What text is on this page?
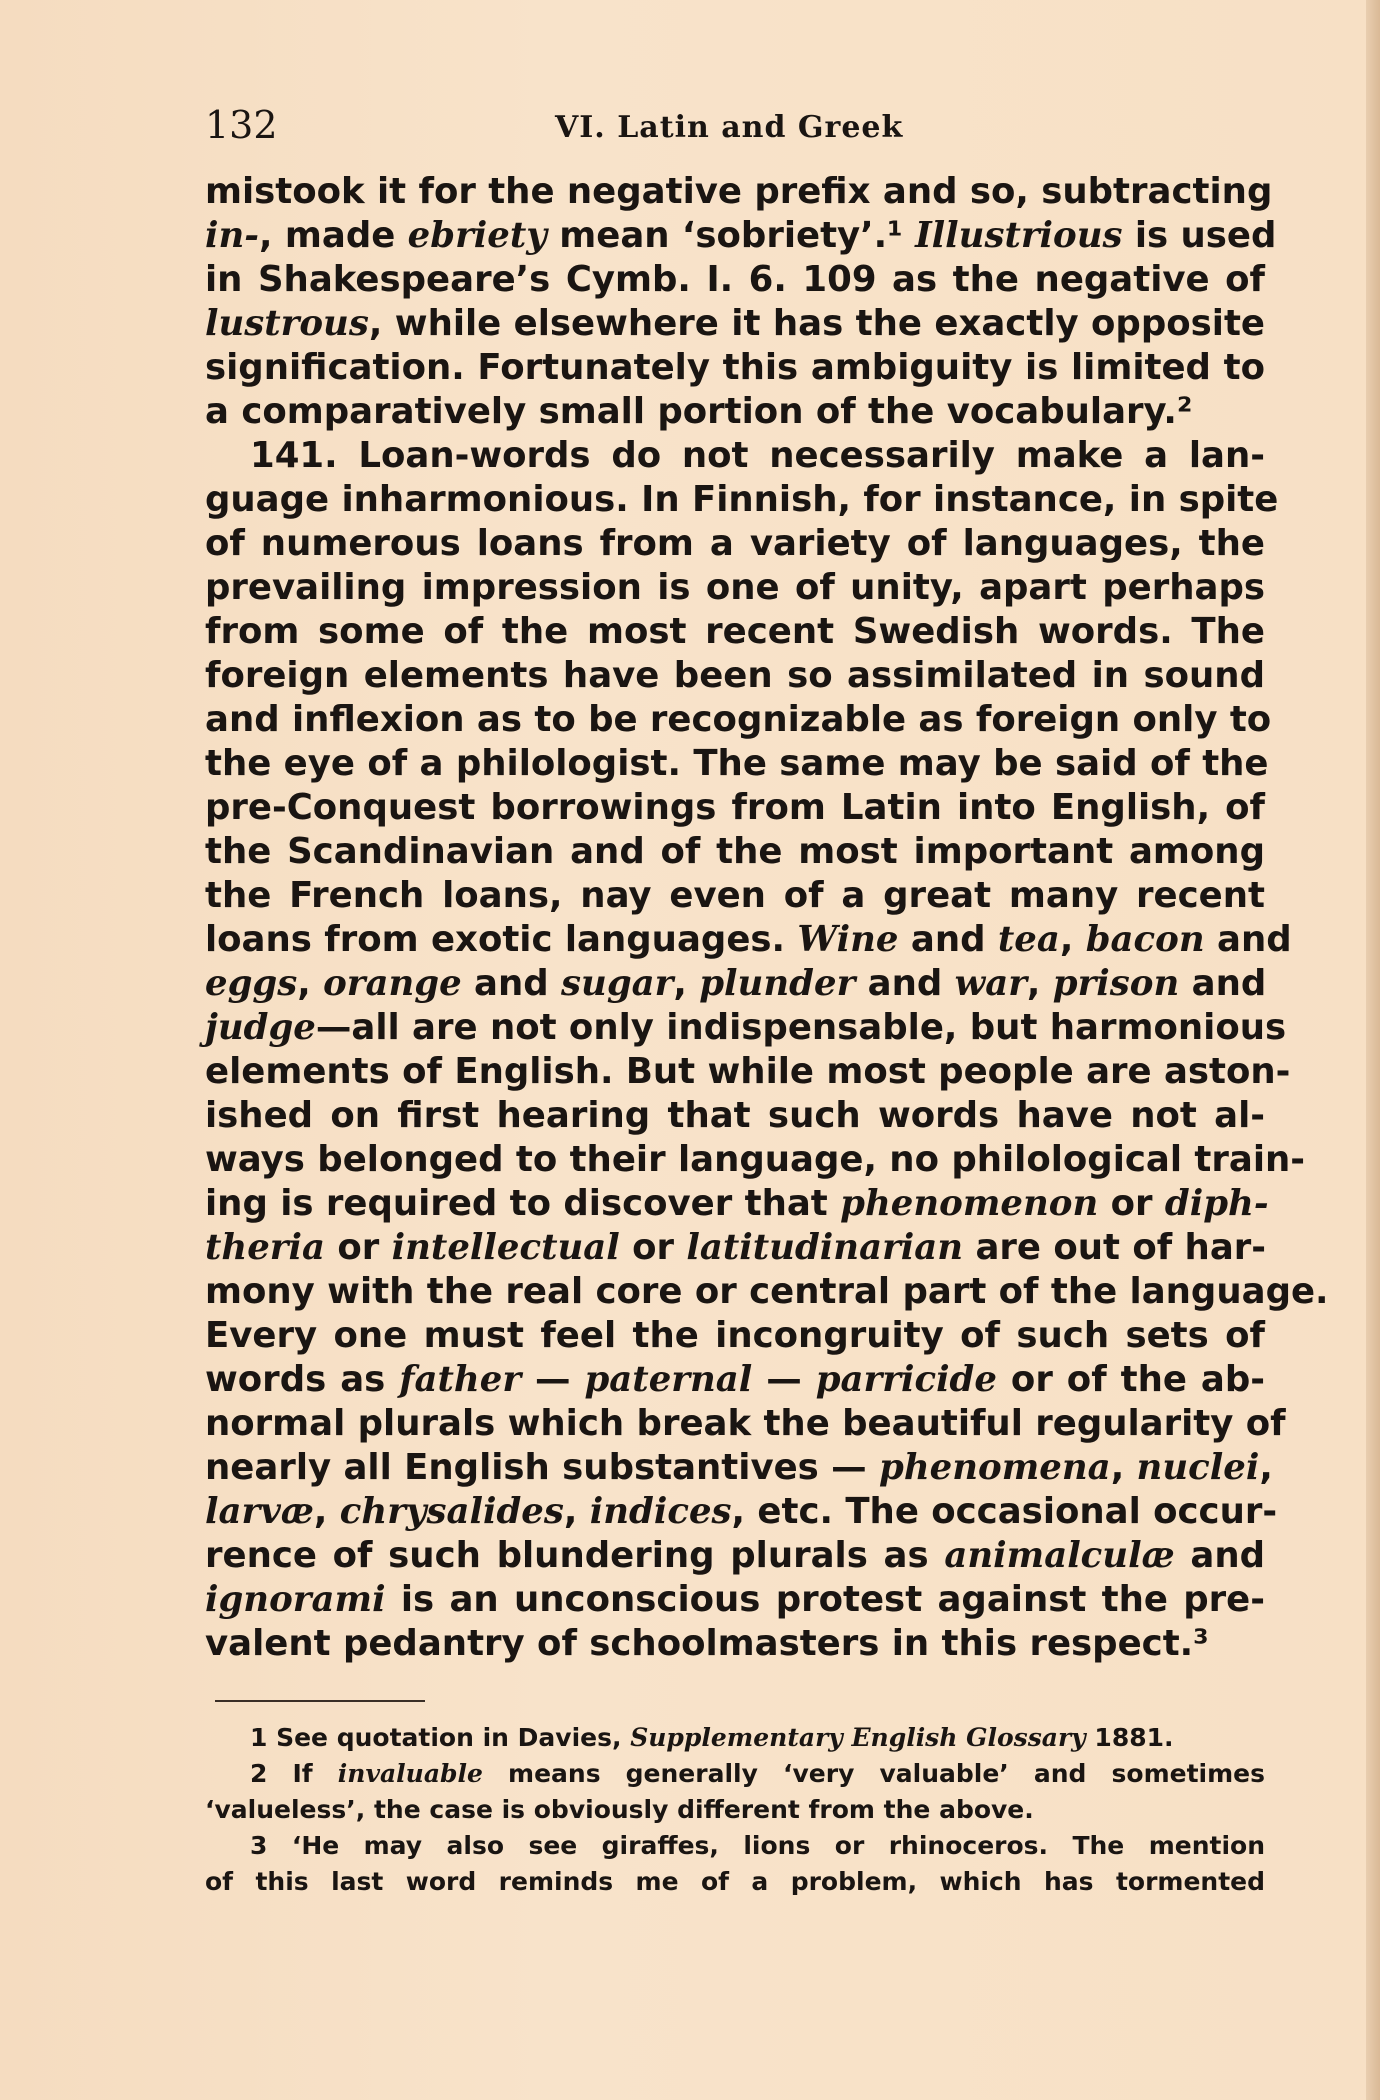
132	VI. Latin and Greek
mistook it for the negative prefix and so, subtracting
in-, made ebriety mean ‘sobriety’.¹ Illustrious is used
in Shakespeare’s Cymb. I. 6. 109 as the negative of
lustrous, while elsewhere it has the exactly opposite
signification. Fortunately this ambiguity is limited to
a comparatively small portion of the vocabulary.²
141. Loan-words do not necessarily make a lan-
guage inharmonious. In Finnish, for instance, in spite
of numerous loans from a variety of languages, the
prevailing impression is one of unity, apart perhaps
from some of the most recent Swedish words. The
foreign elements have been so assimilated in sound
and inflexion as to be recognizable as foreign only to
the eye of a philologist. The same may be said of the
pre-Conquest borrowings from Latin into English, of
the Scandinavian and of the most important among
the French loans, nay even of a great many recent
loans from exotic languages. Wine and tea, bacon and
eggs, orange and sugar, plunder and war, prison and
judge—all are not only indispensable, but harmonious
elements of English. But while most people are aston-
ished on first hearing that such words have not al-
ways belonged to their language, no philological train-
ing is required to discover that phenomenon or diph-
theria or intellectual or latitudinarian are out of har-
mony with the real core or central part of the language.
Every one must feel the incongruity of such sets of
words as father — paternal — parricide or of the ab-
normal plurals which break the beautiful regularity of
nearly all English substantives — phenomena, nuclei,
larvæ, chrysalides, indices, etc. The occasional occur-
rence of such blundering plurals as animalculæ and
ignorami is an unconscious protest against the pre-
valent pedantry of schoolmasters in this respect.³
1 See quotation in Davies, Supplementary English Glossary 1881.
2 If invaluable means generally ‘very valuable’ and sometimes
‘valueless’, the case is obviously different from the above.
3 ‘He may also see giraffes, lions or rhinoceros. The mention
of this last word reminds me of a problem, which has tormented
